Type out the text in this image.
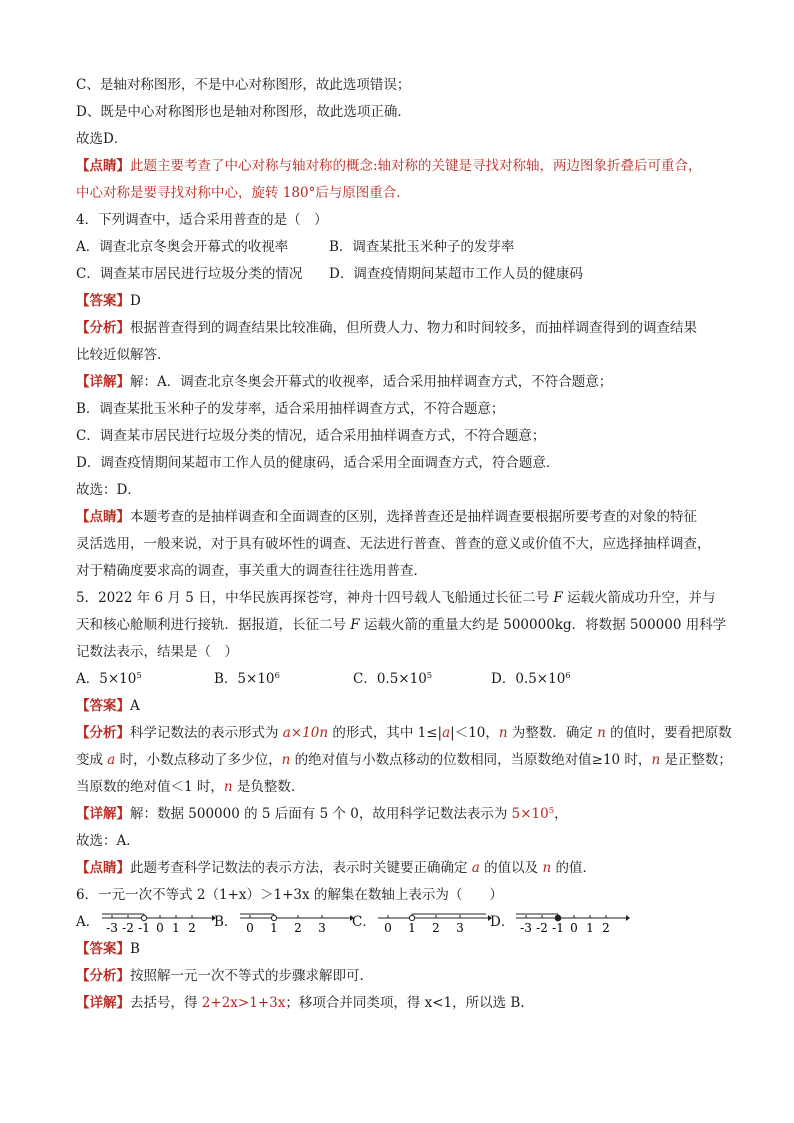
C、是轴对称图形，不是中心对称图形，故此选项错误；
D、既是中心对称图形也是轴对称图形，故此选项正确．
故选D．
【点睛】此题主要考查了中心对称与轴对称的概念:轴对称的关键是寻找对称轴，两边图象折叠后可重合，
中心对称是要寻找对称中心，旋转 180°后与原图重合．
4．下列调查中，适合采用普查的是（　）
A．调查北京冬奥会开幕式的收视率	B．调查某批玉米种子的发芽率
C．调查某市居民进行垃圾分类的情况 D．调查疫情期间某超市工作人员的健康码
【答案】D
【分析】根据普查得到的调查结果比较准确，但所费人力、物力和时间较多，而抽样调查得到的调查结果
比较近似解答．
【详解】解：A．调查北京冬奥会开幕式的收视率，适合采用抽样调查方式，不符合题意；
B．调查某批玉米种子的发芽率，适合采用抽样调查方式，不符合题意；
C．调查某市居民进行垃圾分类的情况，适合采用抽样调查方式，不符合题意；
D．调查疫情期间某超市工作人员的健康码，适合采用全面调查方式，符合题意．
故选：D．
【点睛】本题考查的是抽样调查和全面调查的区别，选择普查还是抽样调查要根据所要考查的对象的特征
灵活选用，一般来说，对于具有破坏性的调查、无法进行普查、普查的意义或价值不大，应选择抽样调查，
对于精确度要求高的调查，事关重大的调查往往选用普查．
5．2022 年 6 月 5 日，中华民族再探苍穹，神舟十四号载人飞船通过长征二号 F 运载火箭成功升空，并与
天和核心舱顺利进行接轨．据报道，长征二号 F 运载火箭的重量大约是 500000kg．将数据 500000 用科学
记数法表示，结果是（　）
A．$5\times 10^5$	B．$5\times 10^6$	C．$0.5\times 10^5$	D．$0.5\times 10^6$
【答案】A
【分析】科学记数法的表示形式为 a×10n 的形式，其中 1≤|a|＜10，n 为整数．确定 n 的值时，要看把原数
变成 a 时，小数点移动了多少位，n 的绝对值与小数点移动的位数相同，当原数绝对值≥10 时，n 是正整数；
当原数的绝对值＜1 时，n 是负整数．
【详解】解：数据 500000 的 5 后面有 5 个 0，故用科学记数法表示为 $5\times 10^5$，
故选：A．
【点睛】此题考查科学记数法的表示方法，表示时关键要正确确定 a 的值以及 n 的值．
6．一元一次不等式 2（1+x）＞1+3x 的解集在数轴上表示为（　　）
A． -3 -2 -1 0 1 2 B． 0 1 2 3 C． 0 1 2 3 D． -3 -2 -1 0 1 2
【答案】B
【分析】按照解一元一次不等式的步骤求解即可.
【详解】去括号，得 2+2x>1+3x；移项合并同类项，得 x<1，所以选 B.
